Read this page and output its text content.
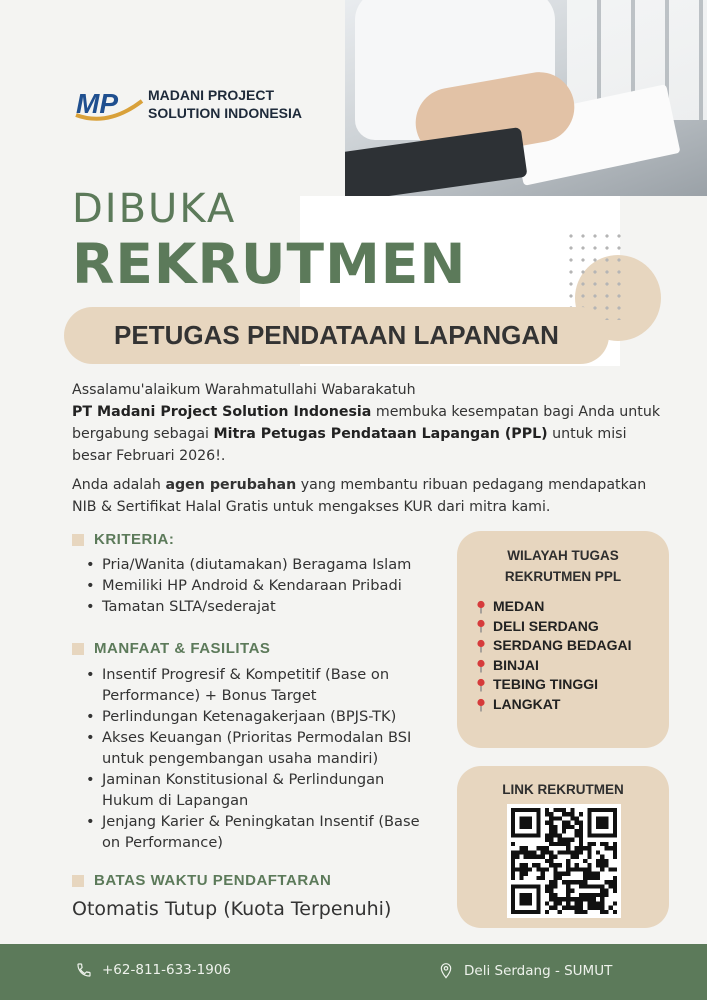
MP MADANI PROJECT
SOLUTION INDONESIA
DIBUKA
REKRUTMEN
PETUGAS PENDATAAN LAPANGAN
Assalamu'alaikum Warahmatullahi Wabarakatuh
PT Madani Project Solution Indonesia membuka kesempatan bagi Anda untuk bergabung sebagai Mitra Petugas Pendataan Lapangan (PPL) untuk misi besar Februari 2026!.
Anda adalah agen perubahan yang membantu ribuan pedagang mendapatkan NIB & Sertifikat Halal Gratis untuk mengakses KUR dari mitra kami.
KRITERIA:
• Pria/Wanita (diutamakan) Beragama Islam
• Memiliki HP Android & Kendaraan Pribadi
• Tamatan SLTA/sederajat
MANFAAT & FASILITAS
• Insentif Progresif & Kompetitif (Base on Performance) + Bonus Target
• Perlindungan Ketenagakerjaan (BPJS-TK)
• Akses Keuangan (Prioritas Permodalan BSI untuk pengembangan usaha mandiri)
• Jaminan Konstitusional & Perlindungan Hukum di Lapangan
• Jenjang Karier & Peningkatan Insentif (Base on Performance)
BATAS WAKTU PENDAFTARAN
Otomatis Tutup (Kuota Terpenuhi)
WILAYAH TUGAS
REKRUTMEN PPL
MEDAN
DELI SERDANG
SERDANG BEDAGAI
BINJAI
TEBING TINGGI
LANGKAT
LINK REKRUTMEN
+62-811-633-1906	Deli Serdang - SUMUT
